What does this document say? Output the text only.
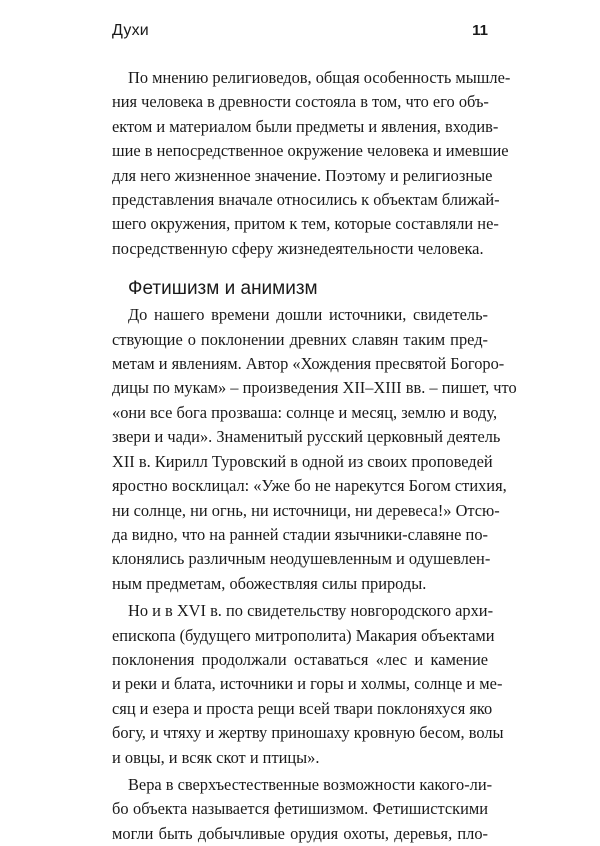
Духи	11

По мнению религиоведов, общая особенность мышле-
ния человека в древности состояла в том, что его объ-
ектом и материалом были предметы и явления, входив-
шие в непосредственное окружение человека и имевшие
для него жизненное значение. Поэтому и религиозные
представления вначале относились к объектам ближай-
шего окружения, притом к тем, которые составляли не-
посредственную сферу жизнедеятельности человека.

Фетишизм и анимизм

До нашего времени дошли источники, свидетель-
ствующие о поклонении древних славян таким пред-
метам и явлениям. Автор «Хождения пресвятой Богоро-
дицы по мукам» – произведения XII–XIII вв. – пишет, что
«они все бога прозваша: солнце и месяц, землю и воду,
звери и чади». Знаменитый русский церковный деятель
XII в. Кирилл Туровский в одной из своих проповедей
яростно восклицал: «Уже бо не нарекутся Богом стихия,
ни солнце, ни огнь, ни источници, ни деревеса!» Отсю-
да видно, что на ранней стадии язычники-славяне по-
клонялись различным неодушевленным и одушевлен-
ным предметам, обожествляя силы природы.

Но и в XVI в. по свидетельству новгородского архи-
епископа (будущего митрополита) Макария объектами
поклонения продолжали оставаться «лес и камение
и реки и блата, источники и горы и холмы, солнце и ме-
сяц и езера и проста рещи всей твари поклоняхуся яко
богу, и чтяху и жертву приношаху кровную бесом, волы
и овцы, и всяк скот и птицы».

Вера в сверхъестественные возможности какого-ли-
бо объекта называется фетишизмом. Фетишистскими
могли быть добычливые орудия охоты, деревья, пло-
